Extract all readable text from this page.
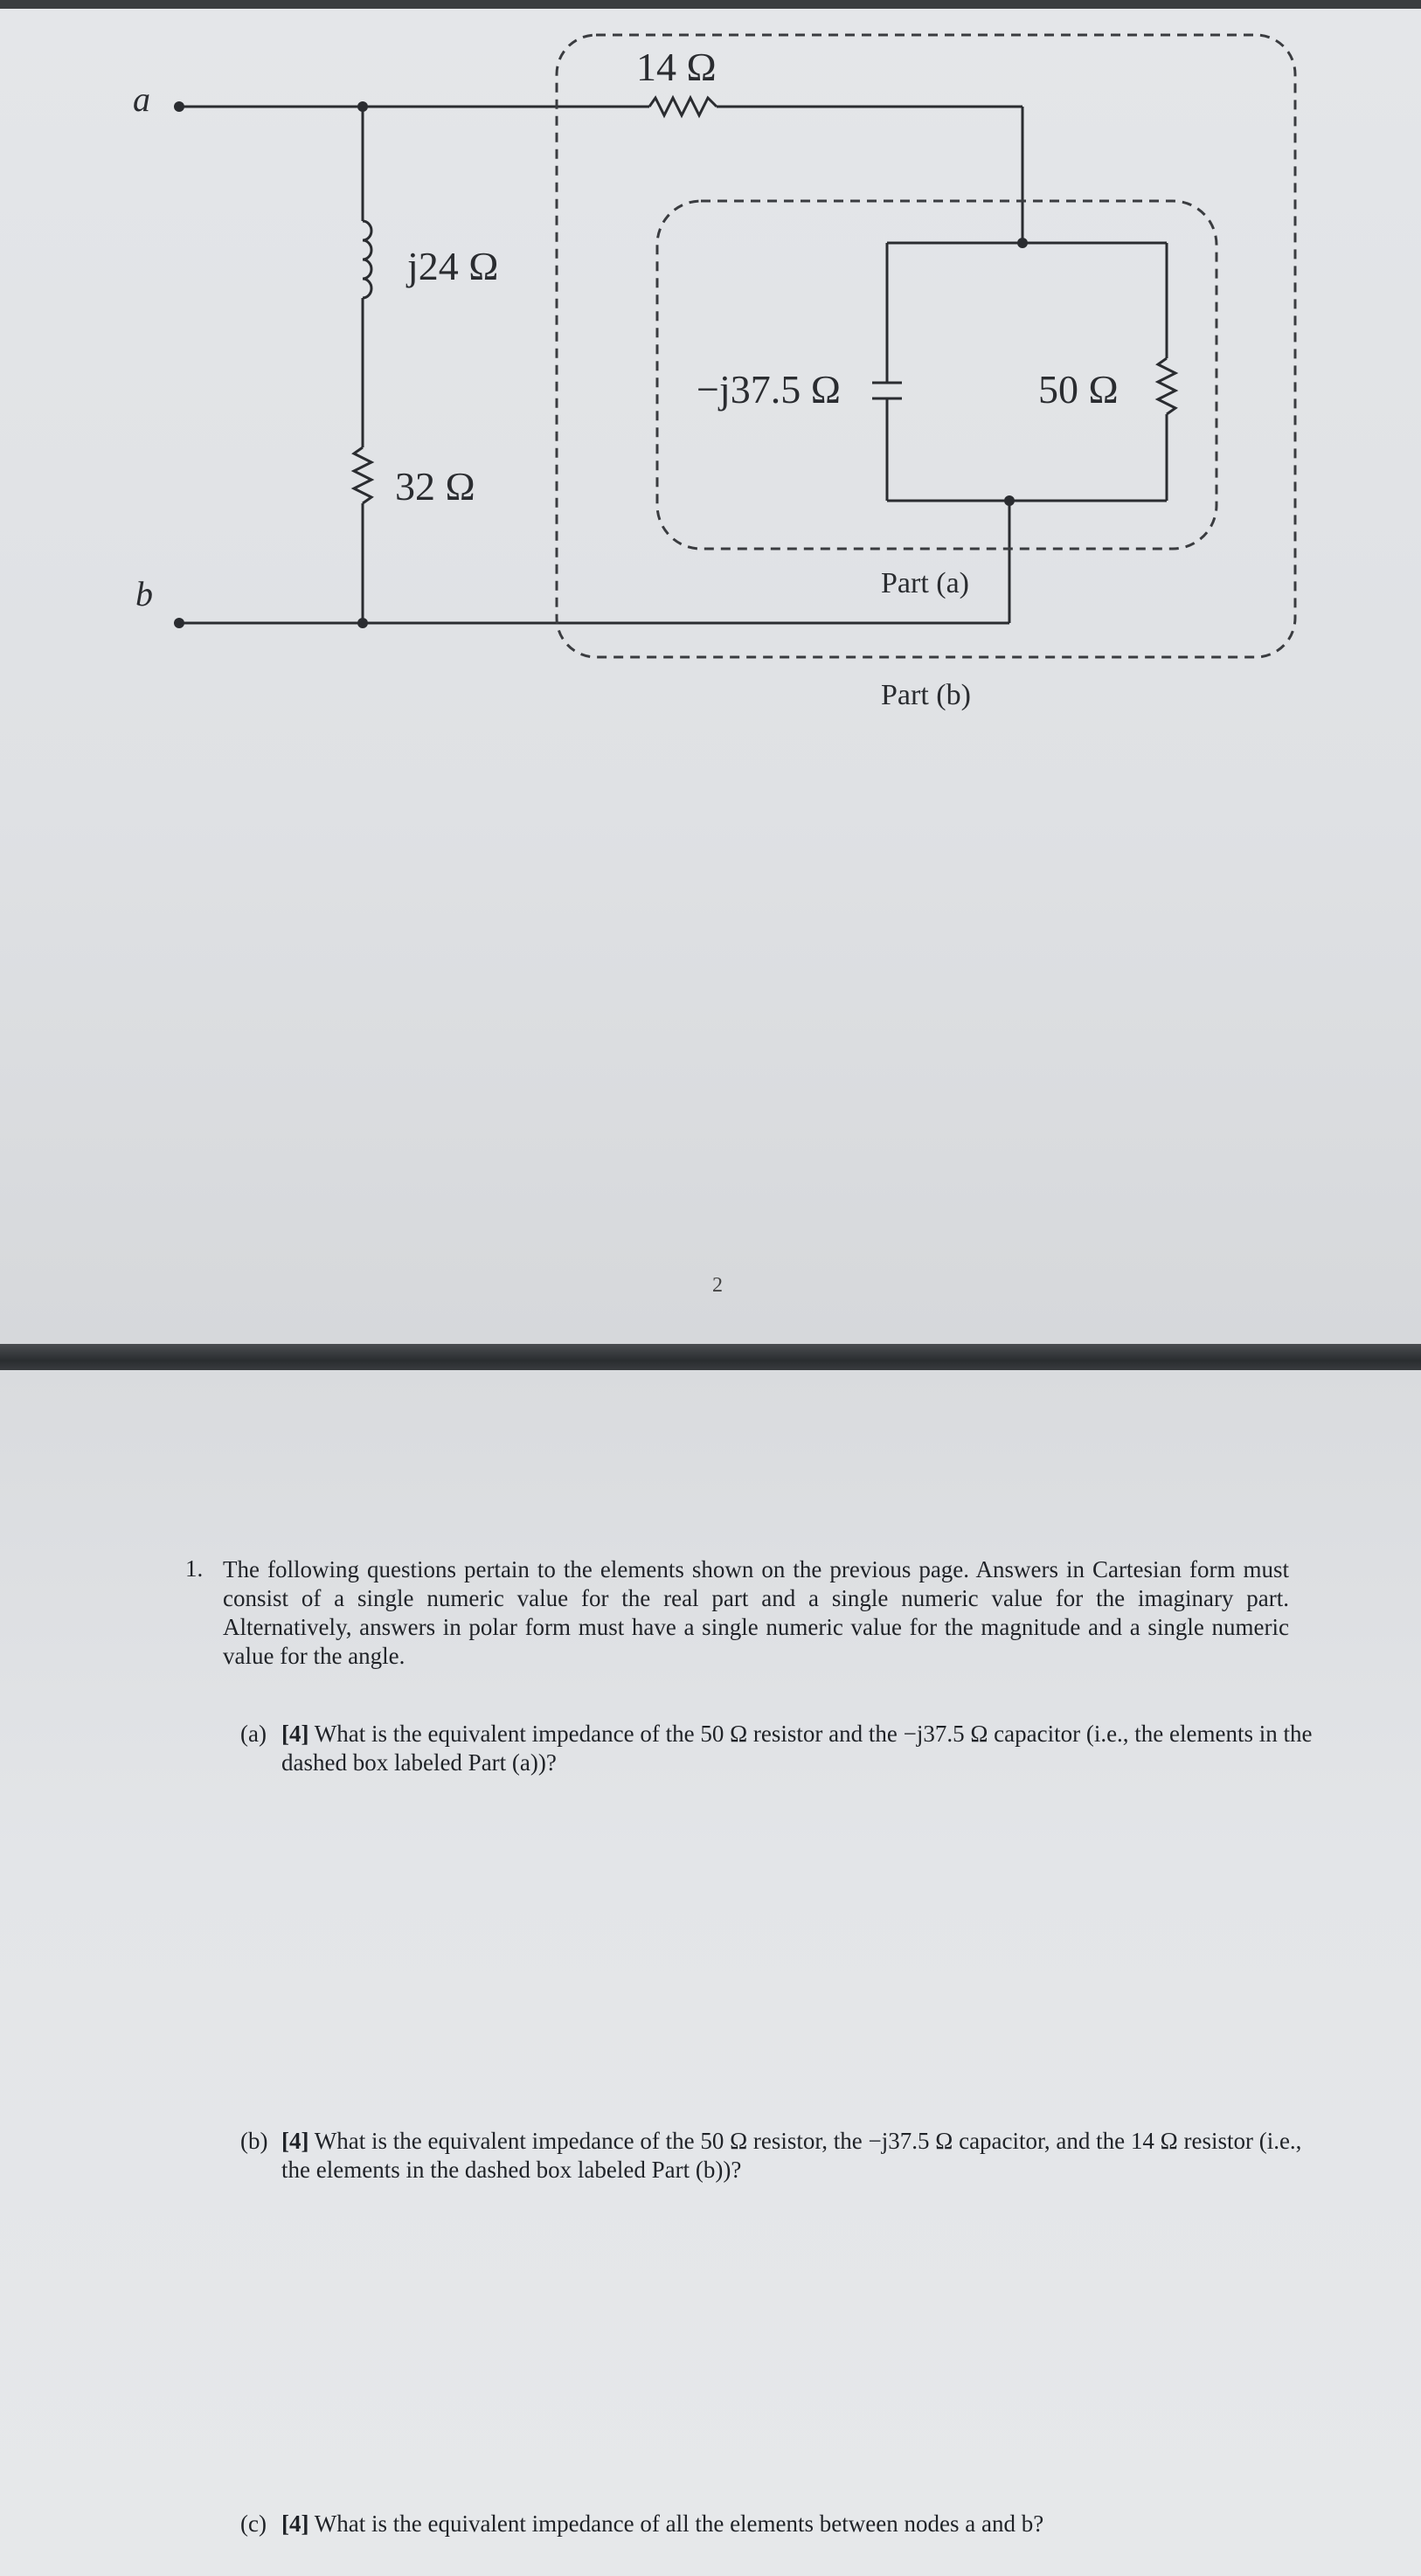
a
b
14 Ω
j24 Ω
32 Ω
−j37.5 Ω	50 Ω
Part (a)
Part (b)
2
1. The following questions pertain to the elements shown on the previous page. Answers in Cartesian form must consist of a single numeric value for the real part and a single numeric value for the imaginary part. Alternatively, answers in polar form must have a single numeric value for the magnitude and a single numeric value for the angle.
(a) [4] What is the equivalent impedance of the 50 Ω resistor and the −j37.5 Ω capacitor (i.e., the elements in the dashed box labeled Part (a))?
(b) [4] What is the equivalent impedance of the 50 Ω resistor, the −j37.5 Ω capacitor, and the 14 Ω resistor (i.e., the elements in the dashed box labeled Part (b))?
(c) [4] What is the equivalent impedance of all the elements between nodes a and b?
